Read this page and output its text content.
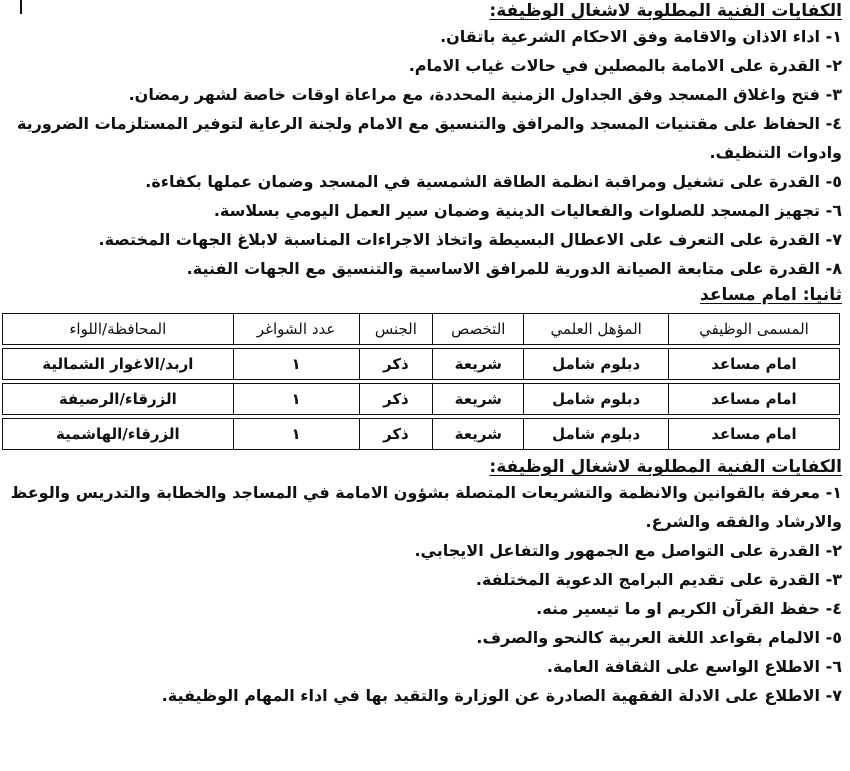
الكفايات الفنية المطلوبة لاشغال الوظيفة:

١- اداء الاذان والاقامة وفق الاحكام الشرعية باتقان.

٢- القدرة على الامامة بالمصلين في حالات غياب الامام.

٣- فتح واغلاق المسجد وفق الجداول الزمنية المحددة، مع مراعاة اوقات خاصة لشهر رمضان.

٤- الحفاظ على مقتنيات المسجد والمرافق والتنسيق مع الامام ولجنة الرعاية لتوفير المستلزمات الضرورية وادوات التنظيف.

٥- القدرة على تشغيل ومراقبة انظمة الطاقة الشمسية في المسجد وضمان عملها بكفاءة.

٦- تجهيز المسجد للصلوات والفعاليات الدينية وضمان سير العمل اليومي بسلاسة.

٧- القدرة على التعرف على الاعطال البسيطة واتخاذ الاجراءات المناسبة لابلاغ الجهات المختصة.

٨- القدرة على متابعة الصيانة الدورية للمرافق الاساسية والتنسيق مع الجهات الفنية.

ثانيا: امام مساعد

المسمى الوظيفي	المؤهل العلمي	التخصص	الجنس	عدد الشواغر	المحافظة/اللواء

امام مساعد	دبلوم شامل	شريعة	ذكر	١	اربد/الاغوار الشمالية

امام مساعد	دبلوم شامل	شريعة	ذكر	١	الزرقاء/الرصيفة

امام مساعد	دبلوم شامل	شريعة	ذكر	١	الزرقاء/الهاشمية

الكفايات الفنية المطلوبة لاشغال الوظيفة:

١- معرفة بالقوانين والانظمة والتشريعات المتصلة بشؤون الامامة في المساجد والخطابة والتدريس والوعظ والارشاد والفقه والشرع.

٢- القدرة على التواصل مع الجمهور والتفاعل الايجابي.

٣- القدرة على تقديم البرامج الدعوية المختلفة.

٤- حفظ القرآن الكريم او ما تيسير منه.

٥- الالمام بقواعد اللغة العربية كالنحو والصرف.

٦- الاطلاع الواسع على الثقافة العامة.

٧- الاطلاع على الادلة الفقهية الصادرة عن الوزارة والتقيد بها في اداء المهام الوظيفية.
